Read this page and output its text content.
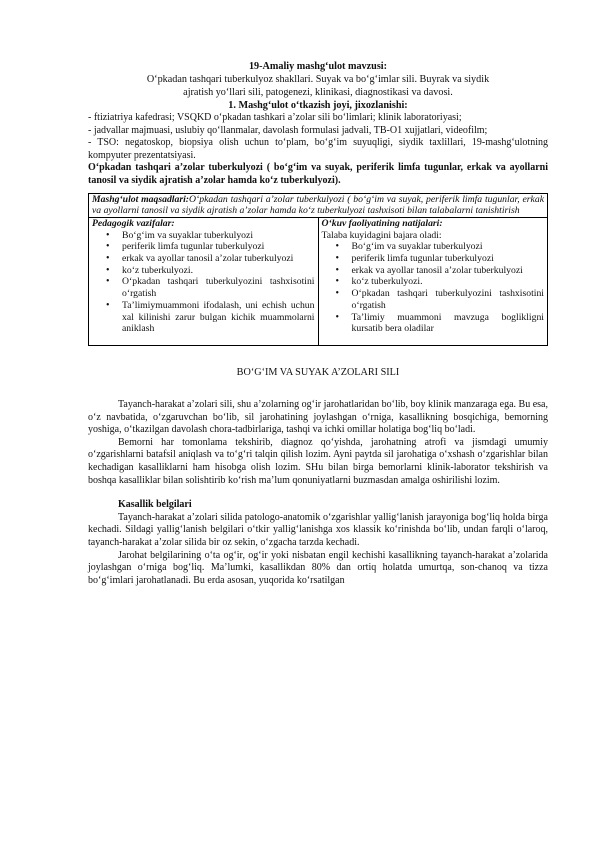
19-Amaliy mashg‘ulot mavzusi:

O‘pkadan tashqari tuberkulyoz shakllari. Suyak va bo‘g‘imlar sili. Buyrak va siydik

ajratish yo‘llari sili, patogenezi, klinikasi, diagnostikasi va davosi.

1. Mashg‘ulot o‘tkazish joyi, jixozlanishi:

- ftiziatriya kafedrasi; VSQKD o‘pkadan tashkari a’zolar sili bo‘limlari; klinik laboratoriyasi;

- jadvallar majmuasi, uslubiy qo‘llanmalar, davolash formulasi jadvali, TB-O1 xujjatlari, videofilm;

- TSO: negatoskop, biopsiya olish uchun to‘plam, bo‘g‘im suyuqligi, siydik taxlillari, 19-mashg‘ulotning kompyuter prezentatsiyasi.

O‘pkadan tashqari a’zolar tuberkulyozi ( bo‘g‘im va suyak, periferik limfa tugunlar, erkak va ayollarni tanosil va siydik ajratish a’zolar hamda ko‘z tuberkulyozi).

Mashg‘ulot maqsadlari:O‘pkadan tashqari a’zolar tuberkulyozi ( bo‘g‘im va suyak, periferik limfa tugunlar, erkak va ayollarni tanosil va siydik ajratish a’zolar hamda ko‘z tuberkulyozi tashxisoti bilan talabalarni tanishtirish

Pedagogik vazifalar:
• Bo‘g‘im va suyaklar tuberkulyozi
• periferik limfa tugunlar tuberkulyozi
• erkak va ayollar tanosil a’zolar tuberkulyozi
• ko‘z tuberkulyozi.
• O‘pkadan tashqari tuberkulyozini tashxisotini o‘rgatish
• Ta’limiymuammoni ifodalash, uni echish uchun xal kilinishi zarur bulgan kichik muammolarni aniklash

O‘kuv faoliyatining natijalari:
Talaba kuyidagini bajara oladi:
• Bo‘g‘im va suyaklar tuberkulyozi
• periferik limfa tugunlar tuberkulyozi
• erkak va ayollar tanosil a’zolar tuberkulyozi
• ko‘z tuberkulyozi.
• O‘pkadan tashqari tuberkulyozini tashxisotini o‘rgatish
• Ta’limiy muammoni mavzuga boglikligni kursatib bera oladilar

BO‘G‘IM VA SUYAK A’ZOLARI SILI

Tayanch-harakat a’zolari sili, shu a’zolarning og‘ir jarohatlaridan bo‘lib, boy klinik manzaraga ega. Bu esa, o‘z navbatida, o‘zgaruvchan bo‘lib, sil jarohatining joylashgan o‘rniga, kasallikning bosqichiga, bemorning yoshiga, o‘tkazilgan davolash chora-tadbirlariga, tashqi va ichki omillar holatiga bog‘liq bo‘ladi.

Bemorni har tomonlama tekshirib, diagnoz qo‘yishda, jarohatning atrofi va jismdagi umumiy o‘zgarishlarni batafsil aniqlash va to‘g‘ri talqin qilish lozim. Ayni paytda sil jarohatiga o‘xshash o‘zgarishlar bilan kechadigan kasalliklarni ham hisobga olish lozim. SHu bilan birga bemorlarni klinik-laborator tekshirish va boshqa kasalliklar bilan solishtirib ko‘rish ma’lum qonuniyatlarni buzmasdan amalga oshirilishi lozim.

Kasallik belgilari

Tayanch-harakat a’zolari silida patologo-anatomik o‘zgarishlar yallig‘lanish jarayoniga bog‘liq holda birga kechadi. Sildagi yallig‘lanish belgilari o‘tkir yallig‘lanishga xos klassik ko‘rinishda bo‘lib, undan farqli o‘laroq, tayanch-harakat a’zolar silida bir oz sekin, o‘zgacha tarzda kechadi.

Jarohat belgilarining o‘ta og‘ir, og‘ir yoki nisbatan engil kechishi kasallikning tayanch-harakat a’zolarida joylashgan o‘rniga bog‘liq. Ma’lumki, kasallikdan 80% dan ortiq holatda umurtqa, son-chanoq va tizza bo‘g‘imlari jarohatlanadi. Bu erda asosan, yuqorida ko‘rsatilgan
